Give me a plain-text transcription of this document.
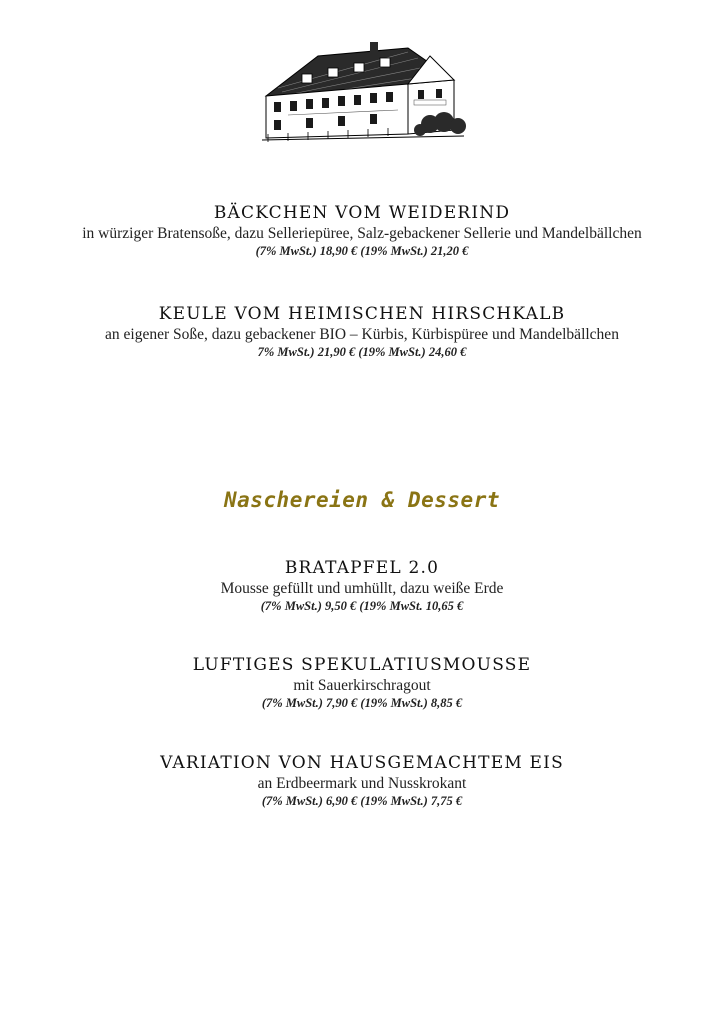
BÄCKCHEN VOM WEIDERIND

in würziger Bratensoße, dazu Selleriepüree, Salz-gebackener Sellerie und Mandelbällchen

(7% MwSt.) 18,90 € (19% MwSt.) 21,20 €

KEULE VOM HEIMISCHEN HIRSCHKALB

an eigener Soße, dazu gebackener BIO – Kürbis, Kürbispüree und Mandelbällchen

7% MwSt.) 21,90 € (19% MwSt.) 24,60 €

Naschereien & Dessert

BRATAPFEL 2.0

Mousse gefüllt und umhüllt, dazu weiße Erde

(7% MwSt.) 9,50 € (19% MwSt. 10,65 €

LUFTIGES SPEKULATIUSMOUSSE

mit Sauerkirschragout

(7% MwSt.) 7,90 € (19% MwSt.) 8,85 €

VARIATION VON HAUSGEMACHTEM EIS

an Erdbeermark und Nusskrokant

(7% MwSt.) 6,90 € (19% MwSt.) 7,75 €
